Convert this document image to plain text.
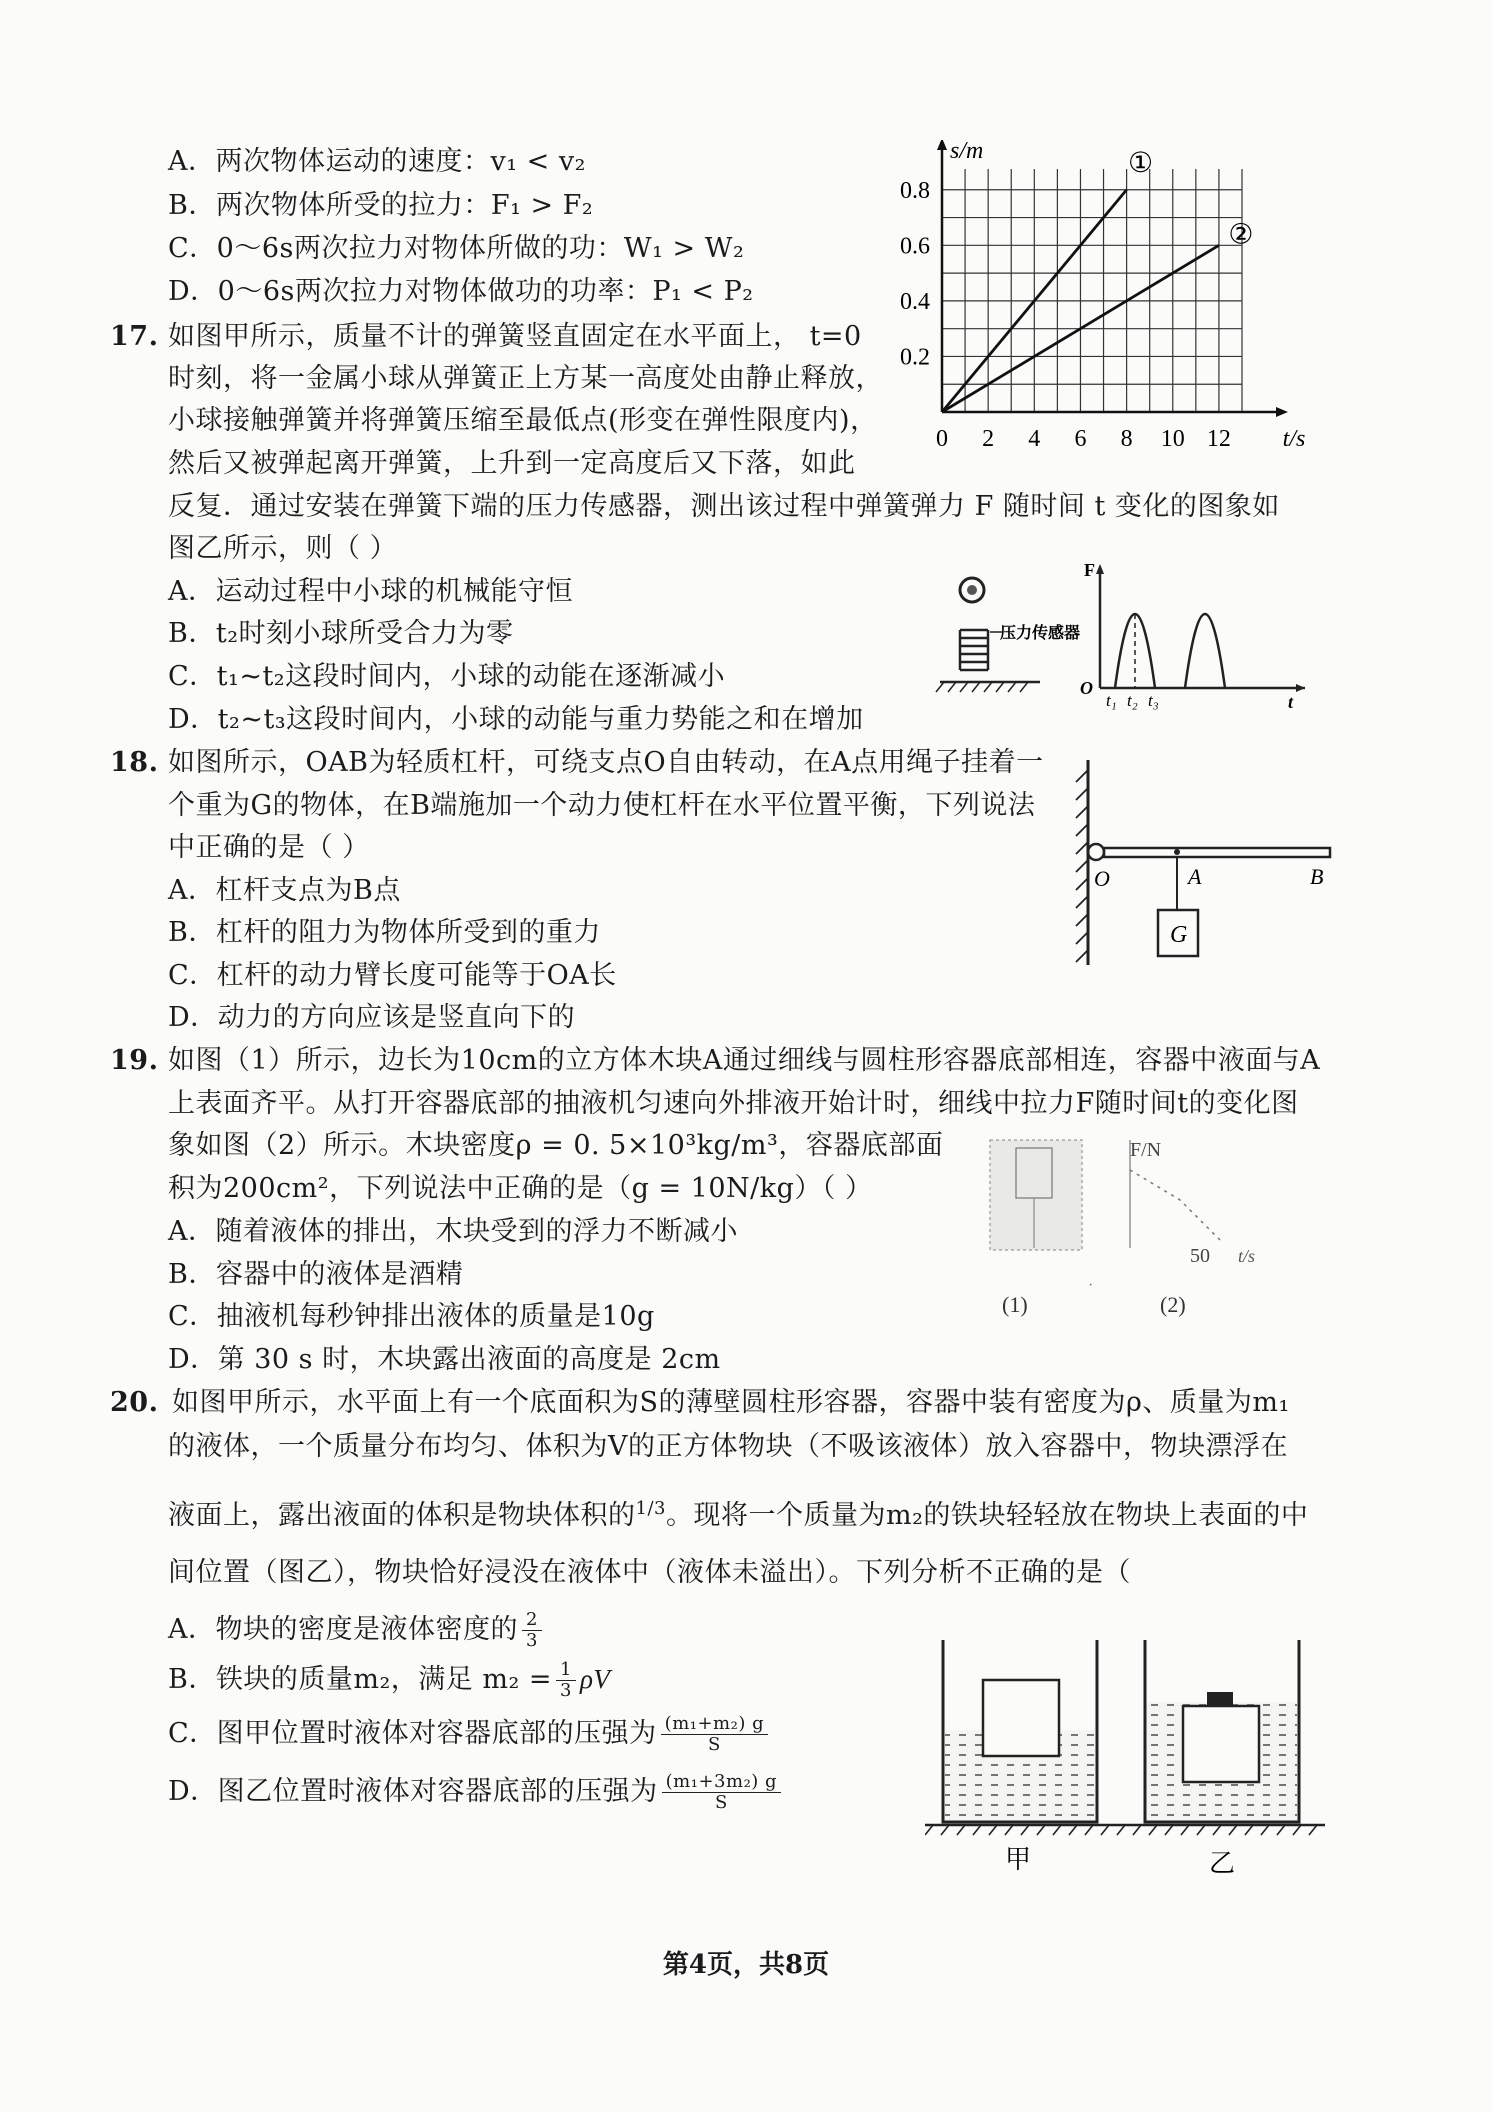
A．两次物体运动的速度：v₁ < v₂
B．两次物体所受的拉力：F₁ > F₂
C．0～6s两次拉力对物体所做的功：W₁ > W₂
D．0～6s两次拉力对物体做功的功率：P₁ < P₂
0 2 4 6 8 10 12
0.2
0.4
0.6
0.8
t/s
s/m	①
②
17. 如图甲所示，质量不计的弹簧竖直固定在水平面上， t=0
时刻，将一金属小球从弹簧正上方某一高度处由静止释放，
小球接触弹簧并将弹簧压缩至最低点(形变在弹性限度内)，
然后又被弹起离开弹簧，上升到一定高度后又下落，如此
反复．通过安装在弹簧下端的压力传感器，测出该过程中弹簧弹力 F 随时间 t 变化的图象如
图乙所示，则（ ）
A．运动过程中小球的机械能守恒
B．t₂时刻小球所受合力为零
C．t₁~t₂这段时间内，小球的动能在逐渐减小
D．t₂~t₃这段时间内，小球的动能与重力势能之和在增加
压力传感器
F
O
t₁ t₂ t₃	t
18. 如图所示，OAB为轻质杠杆，可绕支点O自由转动，在A点用绳子挂着一
个重为G的物体，在B端施加一个动力使杠杆在水平位置平衡，下列说法
中正确的是（ ）
A．杠杆支点为B点
B．杠杆的阻力为物体所受到的重力
C．杠杆的动力臂长度可能等于OA长
D．动力的方向应该是竖直向下的
O	A	B
G
19. 如图（1）所示，边长为10cm的立方体木块A通过细线与圆柱形容器底部相连，容器中液面与A
上表面齐平。从打开容器底部的抽液机匀速向外排液开始计时，细线中拉力F随时间t的变化图
象如图（2）所示。木块密度ρ = 0. 5×10³kg/m³，容器底部面
积为200cm²，下列说法中正确的是（g = 10N/kg）（ ）
A．随着液体的排出，木块受到的浮力不断减小
B．容器中的液体是酒精
C．抽液机每秒钟排出液体的质量是10g
D．第 30 s 时，木块露出液面的高度是 2cm
·
F/N
50 t/s
(1)	(2)
20. 如图甲所示，水平面上有一个底面积为S的薄壁圆柱形容器，容器中装有密度为ρ、质量为m₁
的液体，一个质量分布均匀、体积为V的正方体物块（不吸该液体）放入容器中，物块漂浮在
液面上，露出液面的体积是物块体积的$^{1/3}$。现将一个质量为m₂的铁块轻轻放在物块上表面的中
间位置（图乙），物块恰好浸没在液体中（液体未溢出）。下列分析不正确的是（
A．物块的密度是液体密度的 $\frac{2}{3}$
B．铁块的质量m₂，满足 $m_2 = \frac{1}{3}$ ρV
C．图甲位置时液体对容器底部的压强为 $\frac{\text{(m₁+m₂) g}}{S}$
D．图乙位置时液体对容器底部的压强为 $\frac{\text{(m₁+3m₂) g}}{S}$
甲	乙
第4页，共8页
